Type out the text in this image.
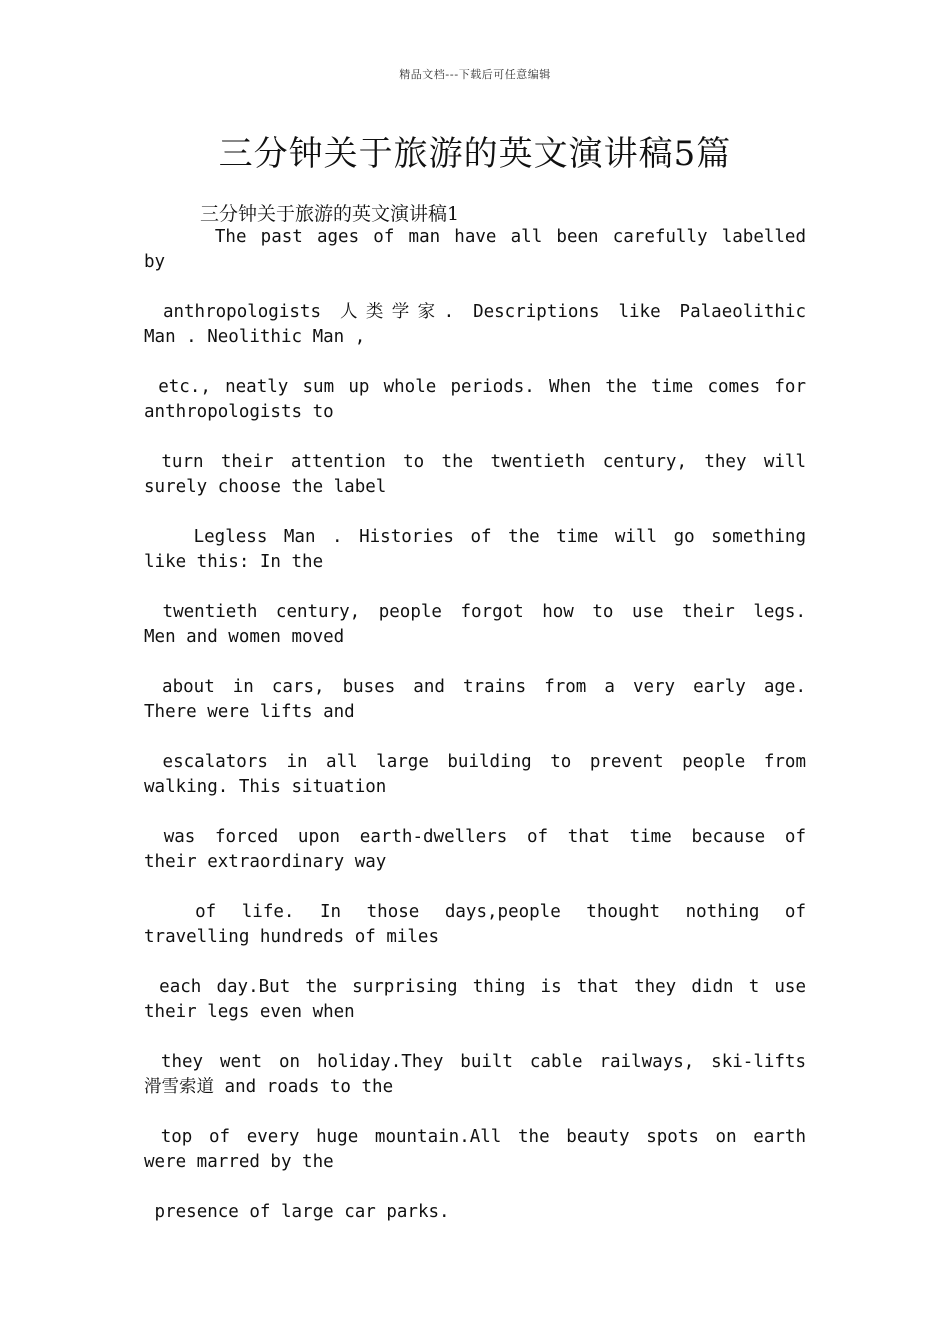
精品文档---下载后可任意编辑
三分钟关于旅游的英文演讲稿5篇
三分钟关于旅游的英文演讲稿1

The past ages of man have all been carefully labelled
by

anthropologists 人类学家. Descriptions like Palaeolithic
Man . Neolithic Man ,

etc., neatly sum up whole periods. When the time comes for
anthropologists to

turn their attention to the twentieth century, they will
surely choose the label

Legless Man . Histories of the time will go something
like this: In the

twentieth century, people forgot how to use their legs.
Men and women moved

about in cars, buses and trains from a very early age.
There were lifts and

escalators in all large building to prevent people from
walking. This situation

was forced upon earth-dwellers of that time because of
their extraordinary way

of life. In those days,people thought nothing of
travelling hundreds of miles

each day.But the surprising thing is that they didn t use
their legs even when

they went on holiday.They built cable railways, ski-lifts
滑雪索道 and roads to the

top of every huge mountain.All the beauty spots on earth
were marred by the

presence of large car parks.
